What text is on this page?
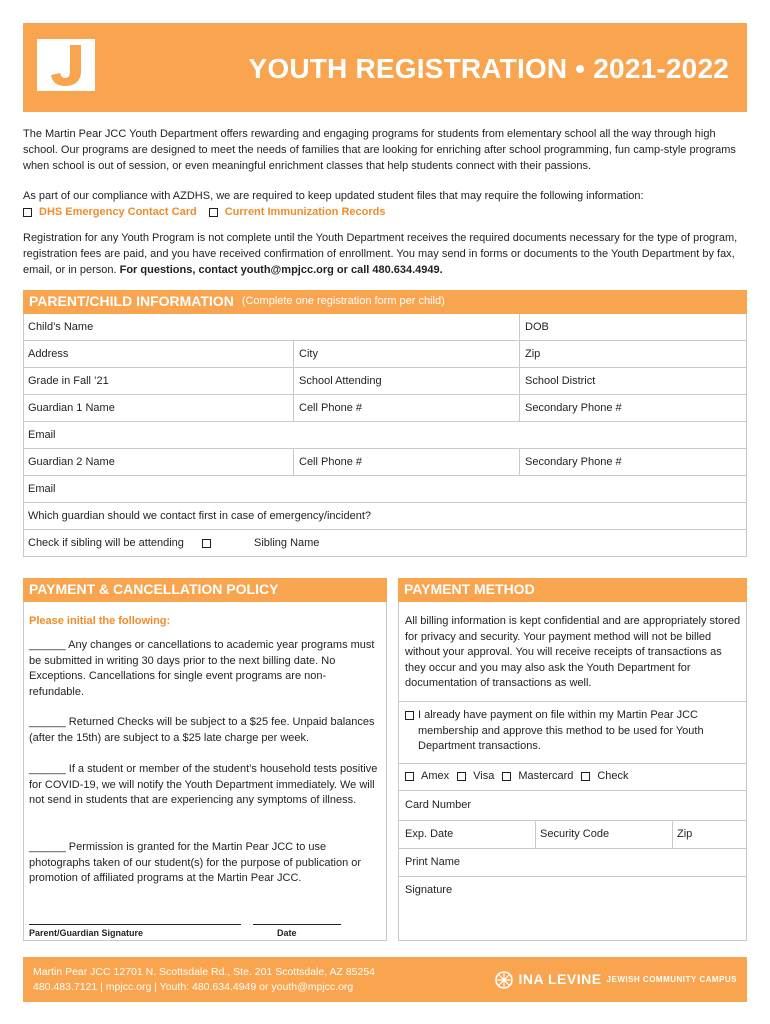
YOUTH REGISTRATION • 2021-2022
The Martin Pear JCC Youth Department offers rewarding and engaging programs for students from elementary school all the way through high school. Our programs are designed to meet the needs of families that are looking for enriching after school programming, fun camp-style programs when school is out of session, or even meaningful enrichment classes that help students connect with their passions.
As part of our compliance with AZDHS, we are required to keep updated student files that may require the following information:
DHS Emergency Contact Card	Current Immunization Records
Registration for any Youth Program is not complete until the Youth Department receives the required documents necessary for the type of program, registration fees are paid, and you have received confirmation of enrollment. You may send in forms or documents to the Youth Department by fax, email, or in person. For questions, contact youth@mpjcc.org or call 480.634.4949.
PARENT/CHILD INFORMATION (Complete one registration form per child)
Child’s Name	DOB
Address	City	Zip
Grade in Fall ’21	School Attending	School District
Guardian 1 Name	Cell Phone #	Secondary Phone #
Email
Guardian 2 Name	Cell Phone #	Secondary Phone #
Email
Which guardian should we contact first in case of emergency/incident?
Check if sibling will be attending	Sibling Name
PAYMENT & CANCELLATION POLICY
Please initial the following:
______ Any changes or cancellations to academic year programs must be submitted in writing 30 days prior to the next billing date. No Exceptions. Cancellations for single event programs are non-refundable.
______ Returned Checks will be subject to a $25 fee. Unpaid balances (after the 15th) are subject to a $25 late charge per week.
______ If a student or member of the student’s household tests positive for COVID-19, we will notify the Youth Department immediately. We will not send in students that are experiencing any symptoms of illness.
______ Permission is granted for the Martin Pear JCC to use photographs taken of our student(s) for the purpose of publication or promotion of affiliated programs at the Martin Pear JCC.
Parent/Guardian Signature	Date
PAYMENT METHOD
All billing information is kept confidential and are appropriately stored for privacy and security. Your payment method will not be billed without your approval. You will receive receipts of transactions as they occur and you may also ask the Youth Department for documentation of transactions as well.
I already have payment on file within my Martin Pear JCC membership and approve this method to be used for Youth Department transactions.
Amex Visa Mastercard Check
Card Number
Exp. Date	Security Code	Zip
Print Name
Signature
Martin Pear JCC 12701 N. Scottsdale Rd., Ste. 201 Scottsdale, AZ 85254
480.483.7121 | mpjcc.org | Youth: 480.634.4949 or youth@mpjcc.org	INA LEVINE JEWISH COMMUNITY CAMPUS
